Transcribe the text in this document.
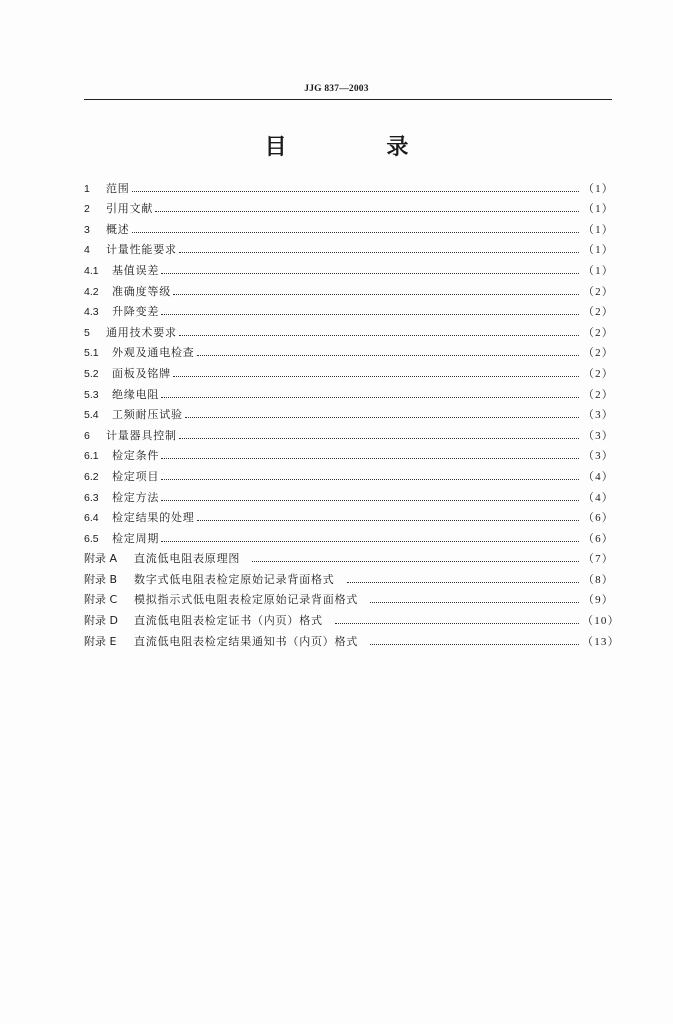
JJG 837—2003
目 录
1	范围	（1）
2	引用文献	（1）
3	概述	（1）
4	计量性能要求	（1）
4.1	基值误差	（1）
4.2	准确度等级	（2）
4.3	升降变差	（2）
5	通用技术要求	（2）
5.1	外观及通电检查	（2）
5.2	面板及铭牌	（2）
5.3	绝缘电阻	（2）
5.4	工频耐压试验	（3）
6	计量器具控制	（3）
6.1	检定条件	（3）
6.2	检定项目	（4）
6.3	检定方法	（4）
6.4	检定结果的处理	（6）
6.5	检定周期	（6）
附录 A	直流低电阻表原理图	（7）
附录 B	数字式低电阻表检定原始记录背面格式	（8）
附录 C	模拟指示式低电阻表检定原始记录背面格式	（9）
附录 D	直流低电阻表检定证书（内页）格式	（10）
附录 E	直流低电阻表检定结果通知书（内页）格式	（13）
